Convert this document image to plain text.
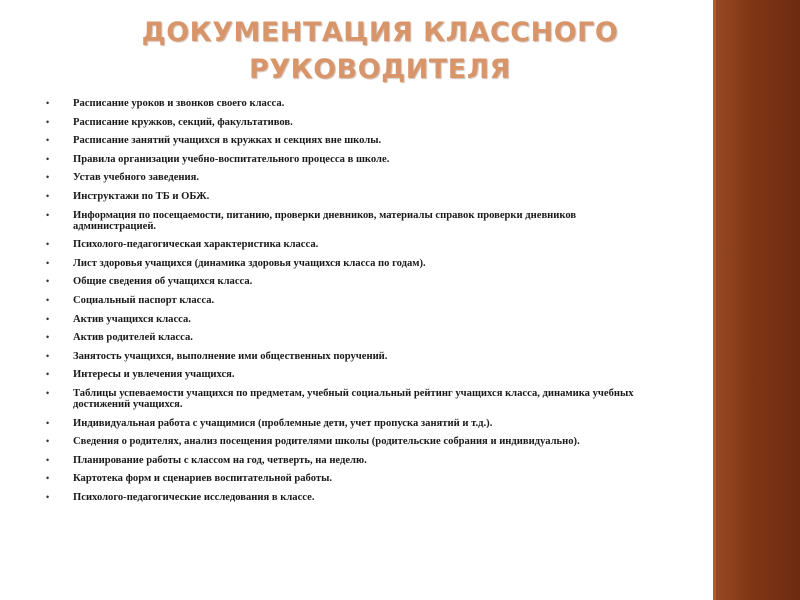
ДОКУМЕНТАЦИЯ КЛАССНОГО
РУКОВОДИТЕЛЯ
• Расписание уроков и звонков своего класса.
• Расписание кружков, секций, факультативов.
• Расписание занятий учащихся в кружках и секциях вне школы.
• Правила организации учебно-воспитательного процесса в школе.
• Устав учебного заведения.
• Инструктажи по ТБ и ОБЖ.
• Информация по посещаемости, питанию, проверки дневников, материалы справок проверки дневников администрацией.
• Психолого-педагогическая характеристика класса.
• Лист здоровья учащихся (динамика здоровья учащихся класса по годам).
• Общие сведения об учащихся класса.
• Социальный паспорт класса.
• Актив учащихся класса.
• Актив родителей класса.
• Занятость учащихся, выполнение ими общественных поручений.
• Интересы и увлечения учащихся.
• Таблицы успеваемости учащихся по предметам, учебный социальный рейтинг учащихся класса, динамика учебных достижений учащихся.
• Индивидуальная работа с учащимися (проблемные дети, учет пропуска занятий и т.д.).
• Сведения о родителях, анализ посещения родителями школы (родительские собрания и индивидуально).
• Планирование работы с классом на год, четверть, на неделю.
• Картотека форм и сценариев воспитательной работы.
• Психолого-педагогические исследования в классе.
